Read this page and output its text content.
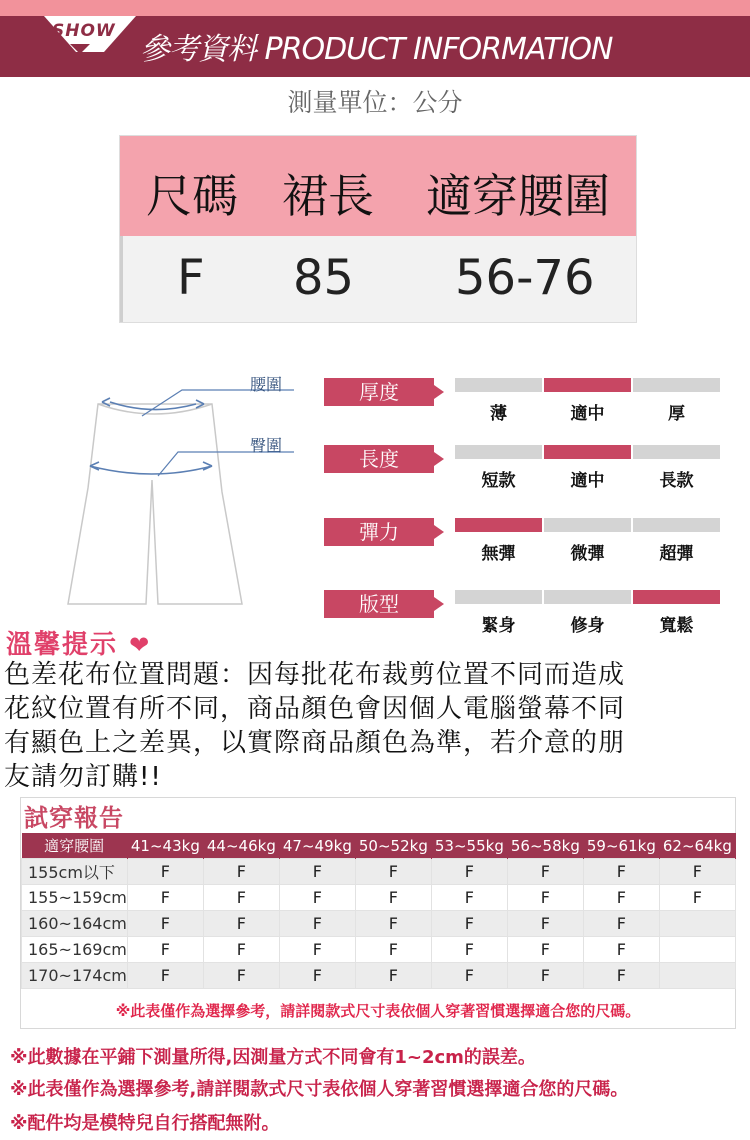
SHOW
參考資料 PRODUCT INFORMATION
測量單位：公分
尺碼 裙長 適穿腰圍
F 85 56-76
腰圍
臀圍
厚度
薄	適中	厚
長度
短款	適中	長款
彈力
無彈	微彈	超彈
版型
緊身	修身	寬鬆
溫馨提示 ❤
色差花布位置問題：因每批花布裁剪位置不同而造成
花紋位置有所不同，商品顏色會因個人電腦螢幕不同
有顯色上之差異，以實際商品顏色為準，若介意的朋
友請勿訂購!!
試穿報告
適穿腰圍	41~43kg	44~46kg	47~49kg	50~52kg	53~55kg	56~58kg	59~61kg	62~64kg
155cm以下	F	F	F	F	F	F	F	F
155~159cm	F	F	F	F	F	F	F	F
160~164cm	F	F	F	F	F	F	F	
165~169cm	F	F	F	F	F	F	F	
170~174cm	F	F	F	F	F	F	F	
※此表僅作為選擇參考，請詳閱款式尺寸表依個人穿著習慣選擇適合您的尺碼。
※此數據在平鋪下測量所得,因測量方式不同會有1~2cm的誤差。
※此表僅作為選擇參考,請詳閱款式尺寸表依個人穿著習慣選擇適合您的尺碼。
※配件均是模特兒自行搭配無附。
